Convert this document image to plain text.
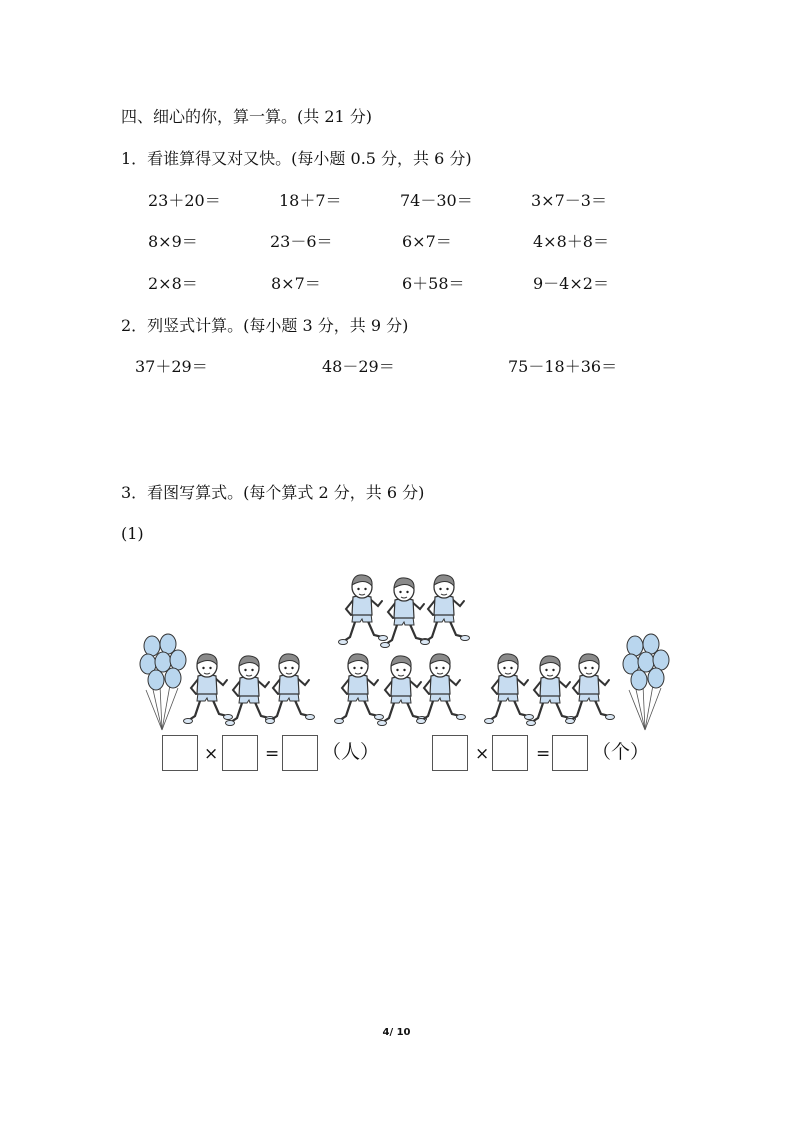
四、细心的你，算一算。(共 21 分)
1．看谁算得又对又快。(每小题 0.5 分，共 6 分)
23＋20＝	18＋7＝	74－30＝	3×7－3＝
8×9＝	23－6＝	6×7＝	4×8＋8＝
2×8＝	8×7＝	6＋58＝	9－4×2＝
2．列竖式计算。(每小题 3 分，共 9 分)
37＋29＝	48－29＝	75－18＋36＝
3．看图写算式。(每个算式 2 分，共 6 分)
(1)
×	= （人）	×	= （个）
4/ 10
